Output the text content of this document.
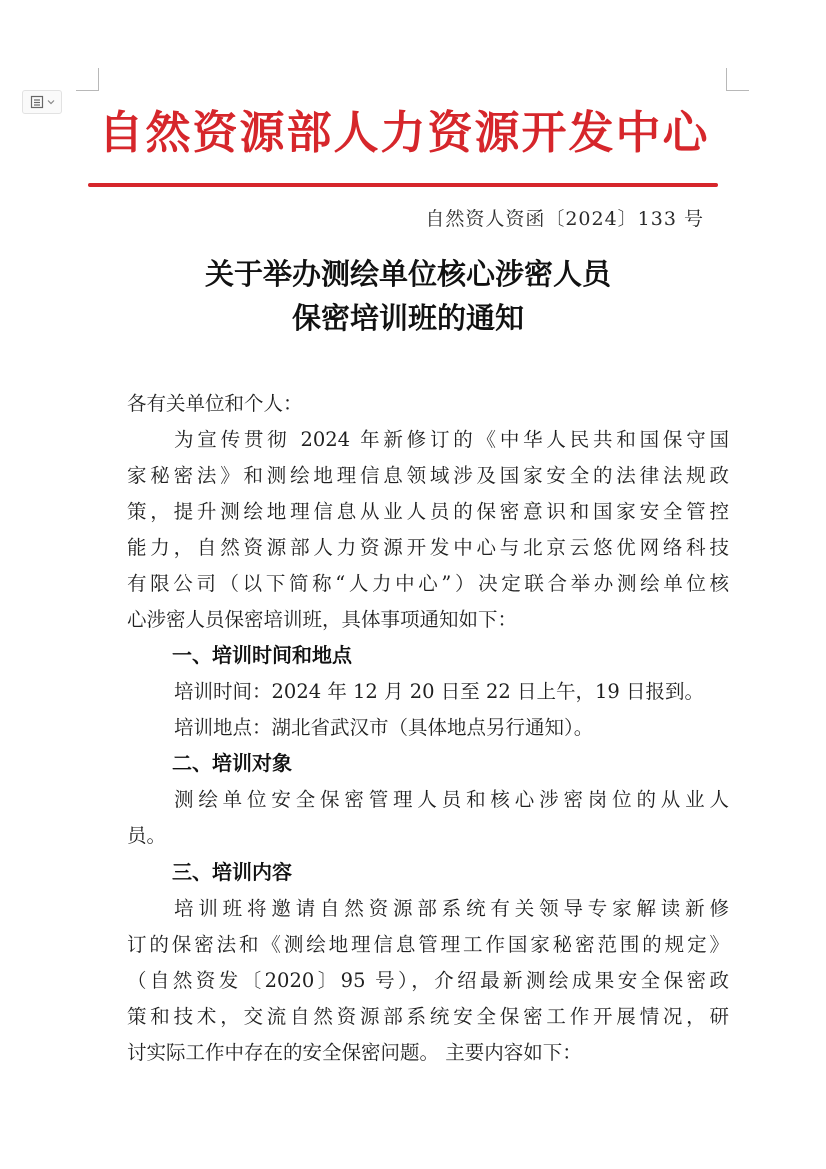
自然资源部人力资源开发中心
自然资人资函〔2024〕133 号
关于举办测绘单位核心涉密人员
保密培训班的通知
各有关单位和个人：
为宣传贯彻 2024 年新修订的《中华人民共和国保守国
家秘密法》和测绘地理信息领域涉及国家安全的法律法规政
策，提升测绘地理信息从业人员的保密意识和国家安全管控
能力，自然资源部人力资源开发中心与北京云悠优网络科技
有限公司（以下简称“人力中心”）决定联合举办测绘单位核
心涉密人员保密培训班，具体事项通知如下：
一、培训时间和地点
培训时间：2024 年 12 月 20 日至 22 日上午，19 日报到。
培训地点：湖北省武汉市（具体地点另行通知）。
二、培训对象
测绘单位安全保密管理人员和核心涉密岗位的从业人
员。
三、培训内容
培训班将邀请自然资源部系统有关领导专家解读新修
订的保密法和《测绘地理信息管理工作国家秘密范围的规定》
（自然资发〔2020〕95 号），介绍最新测绘成果安全保密政
策和技术，交流自然资源部系统安全保密工作开展情况，研
讨实际工作中存在的安全保密问题。 主要内容如下：
